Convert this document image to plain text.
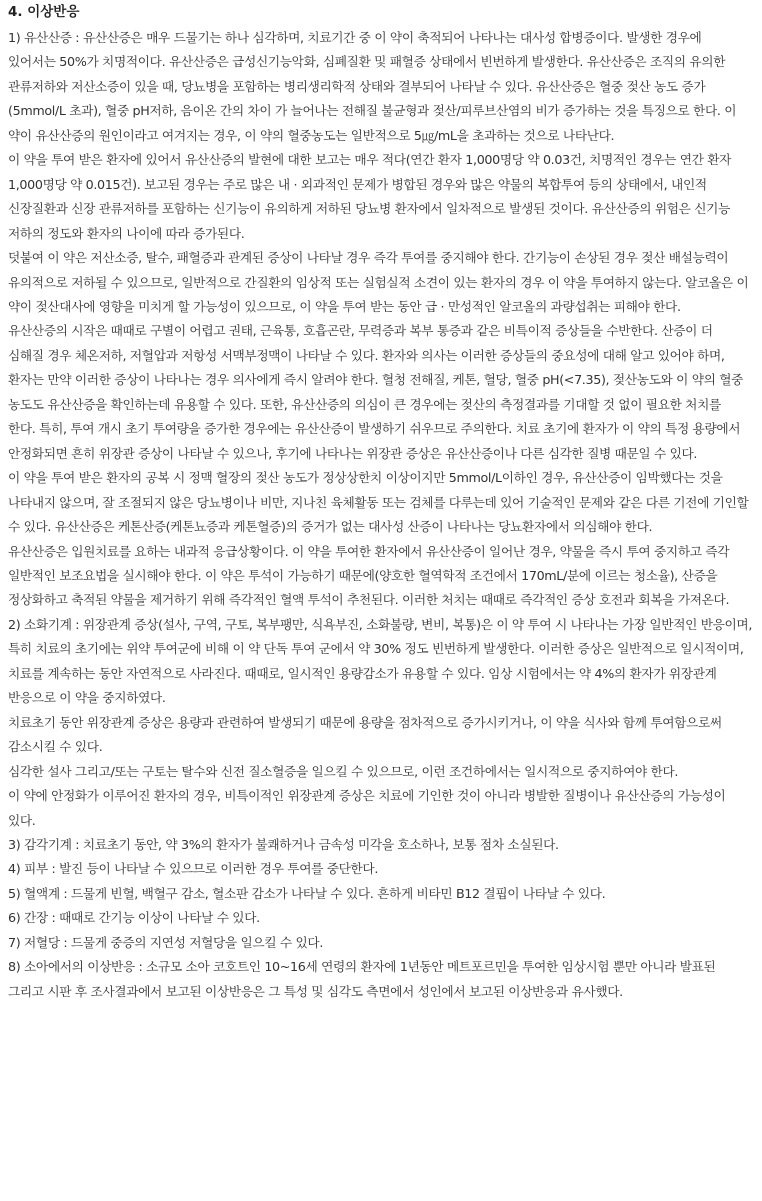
4. 이상반응

1) 유산산증 : 유산산증은 매우 드물기는 하나 심각하며, 치료기간 중 이 약이 축적되어 나타나는 대사성 합병증이다. 발생한 경우에 있어서는 50%가 치명적이다. 유산산증은 급성신기능악화, 심폐질환 및 패혈증 상태에서 빈번하게 발생한다. 유산산증은 조직의 유의한 관류저하와 저산소증이 있을 때, 당뇨병을 포함하는 병리생리학적 상태와 결부되어 나타날 수 있다. 유산산증은 혈중 젖산 농도 증가(5mmol/L 초과), 혈중 pH저하, 음이온 간의 차이 가 늘어나는 전해질 불균형과 젖산/피루브산염의 비가 증가하는 것을 특징으로 한다. 이 약이 유산산증의 원인이라고 여겨지는 경우, 이 약의 혈중농도는 일반적으로 5㎍/mL을 초과하는 것으로 나타난다.

이 약을 투여 받은 환자에 있어서 유산산증의 발현에 대한 보고는 매우 적다(연간 환자 1,000명당 약 0.03건, 치명적인 경우는 연간 환자 1,000명당 약 0.015건). 보고된 경우는 주로 많은 내 · 외과적인 문제가 병합된 경우와 많은 약물의 복합투여 등의 상태에서, 내인적 신장질환과 신장 관류저하를 포함하는 신기능이 유의하게 저하된 당뇨병 환자에서 일차적으로 발생된 것이다. 유산산증의 위험은 신기능 저하의 정도와 환자의 나이에 따라 증가된다.

덧붙여 이 약은 저산소증, 탈수, 패혈증과 관계된 증상이 나타날 경우 즉각 투여를 중지해야 한다. 간기능이 손상된 경우 젖산 배설능력이 유의적으로 저하될 수 있으므로, 일반적으로 간질환의 임상적 또는 실험실적 소견이 있는 환자의 경우 이 약을 투여하지 않는다. 알코올은 이 약이 젖산대사에 영향을 미치게 할 가능성이 있으므로, 이 약을 투여 받는 동안 급 · 만성적인 알코올의 과량섭취는 피해야 한다.

유산산증의 시작은 때때로 구별이 어렵고 권태, 근육통, 호흡곤란, 무력증과 복부 통증과 같은 비특이적 증상들을 수반한다. 산증이 더 심해질 경우 체온저하, 저혈압과 저항성 서맥부정맥이 나타날 수 있다. 환자와 의사는 이러한 증상들의 중요성에 대해 알고 있어야 하며, 환자는 만약 이러한 증상이 나타나는 경우 의사에게 즉시 알려야 한다. 혈청 전해질, 케톤, 혈당, 혈중 pH(<7.35), 젖산농도와 이 약의 혈중 농도도 유산산증을 확인하는데 유용할 수 있다. 또한, 유산산증의 의심이 큰 경우에는 젖산의 측정결과를 기대할 것 없이 필요한 처치를 한다. 특히, 투여 개시 초기 투여량을 증가한 경우에는 유산산증이 발생하기 쉬우므로 주의한다. 치료 초기에 환자가 이 약의 특정 용량에서 안정화되면 흔히 위장관 증상이 나타날 수 있으나, 후기에 나타나는 위장관 증상은 유산산증이나 다른 심각한 질병 때문일 수 있다.

이 약을 투여 받은 환자의 공복 시 정맥 혈장의 젖산 농도가 정상상한치 이상이지만 5mmol/L이하인 경우, 유산산증이 임박했다는 것을 나타내지 않으며, 잘 조절되지 않은 당뇨병이나 비만, 지나친 육체활동 또는 검체를 다루는데 있어 기술적인 문제와 같은 다른 기전에 기인할 수 있다. 유산산증은 케톤산증(케톤뇨증과 케톤혈증)의 증거가 없는 대사성 산증이 나타나는 당뇨환자에서 의심해야 한다.

유산산증은 입원치료를 요하는 내과적 응급상황이다. 이 약을 투여한 환자에서 유산산증이 일어난 경우, 약물을 즉시 투여 중지하고 즉각 일반적인 보조요법을 실시해야 한다. 이 약은 투석이 가능하기 때문에(양호한 혈역학적 조건에서 170mL/분에 이르는 청소율), 산증을 정상화하고 축적된 약물을 제거하기 위해 즉각적인 혈액 투석이 추천된다. 이러한 처치는 때때로 즉각적인 증상 호전과 회복을 가져온다.

2) 소화기계 : 위장관계 증상(설사, 구역, 구토, 복부팽만, 식욕부진, 소화불량, 변비, 복통)은 이 약 투여 시 나타나는 가장 일반적인 반응이며, 특히 치료의 초기에는 위약 투여군에 비해 이 약 단독 투여 군에서 약 30% 정도 빈번하게 발생한다. 이러한 증상은 일반적으로 일시적이며, 치료를 계속하는 동안 자연적으로 사라진다. 때때로, 일시적인 용량감소가 유용할 수 있다. 임상 시험에서는 약 4%의 환자가 위장관계 반응으로 이 약을 중지하였다.

치료초기 동안 위장관계 증상은 용량과 관련하여 발생되기 때문에 용량을 점차적으로 증가시키거나, 이 약을 식사와 함께 투여함으로써 감소시킬 수 있다.

심각한 설사 그리고/또는 구토는 탈수와 신전 질소혈증을 일으킬 수 있으므로, 이런 조건하에서는 일시적으로 중지하여야 한다.

이 약에 안정화가 이루어진 환자의 경우, 비특이적인 위장관계 증상은 치료에 기인한 것이 아니라 병발한 질병이나 유산산증의 가능성이 있다.

3) 감각기계 : 치료초기 동안, 약 3%의 환자가 불쾌하거나 금속성 미각을 호소하나, 보통 점차 소실된다.

4) 피부 : 발진 등이 나타날 수 있으므로 이러한 경우 투여를 중단한다.

5) 혈액계 : 드물게 빈혈, 백혈구 감소, 혈소판 감소가 나타날 수 있다. 흔하게 비타민 B12 결핍이 나타날 수 있다.

6) 간장 : 때때로 간기능 이상이 나타날 수 있다.

7) 저혈당 : 드물게 중증의 지연성 저혈당을 일으킬 수 있다.

8) 소아에서의 이상반응 : 소규모 소아 코호트인 10~16세 연령의 환자에 1년동안 메트포르민을 투여한 임상시험 뿐만 아니라 발표된 그리고 시판 후 조사결과에서 보고된 이상반응은 그 특성 및 심각도 측면에서 성인에서 보고된 이상반응과 유사했다.
